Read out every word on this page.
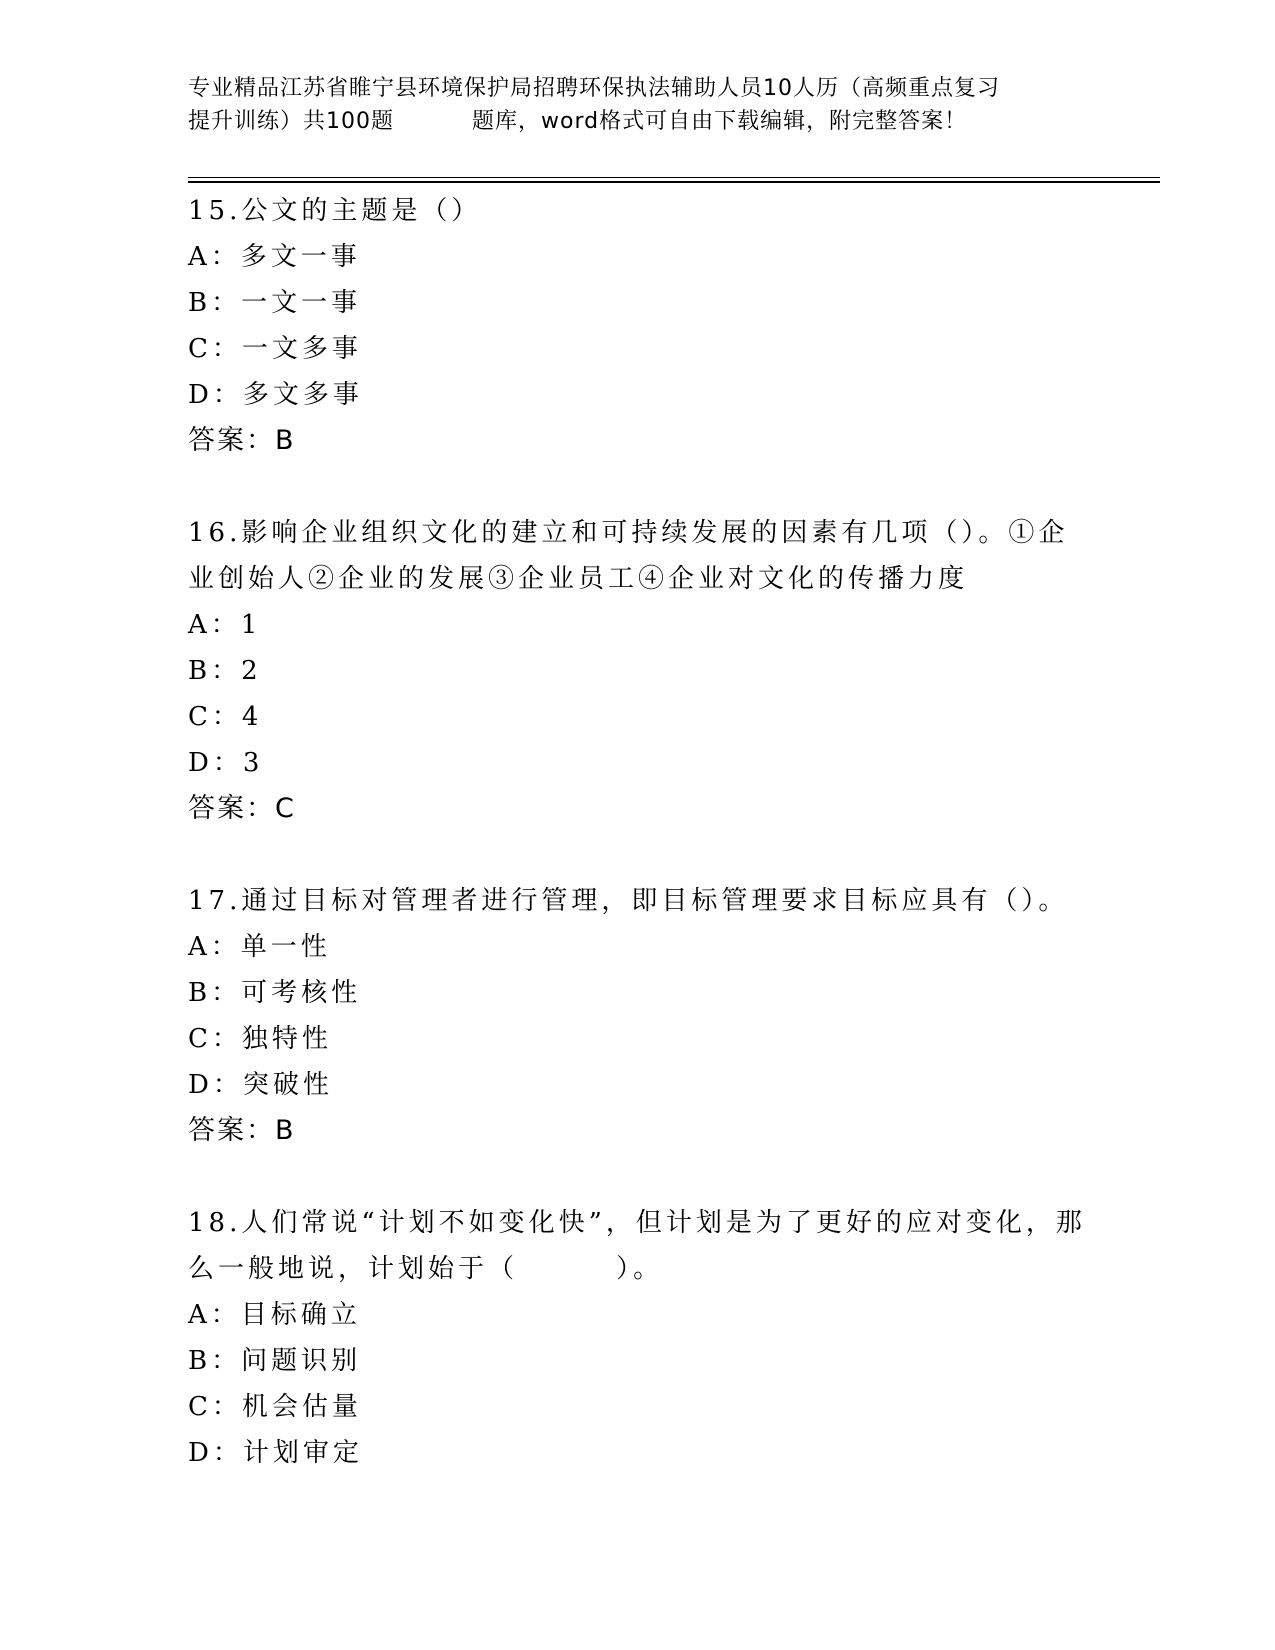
专业精品江苏省睢宁县环境保护局招聘环保执法辅助人员10人历（高频重点复习
提升训练）共100题	题库，word格式可自由下载编辑，附完整答案！
15.公文的主题是（）
A：多文一事
B：一文一事
C：一文多事
D：多文多事
答案：B
16.影响企业组织文化的建立和可持续发展的因素有几项（）。①企业创始人②企业的发展③企业员工④企业对文化的传播力度
A：1
B：2
C：4
D：3
答案：C
17.通过目标对管理者进行管理，即目标管理要求目标应具有（）。
A：单一性
B：可考核性
C：独特性
D：突破性
答案：B
18.人们常说“计划不如变化快”，但计划是为了更好的应对变化，那么一般地说，计划始于（        ）。
A：目标确立
B：问题识别
C：机会估量
D：计划审定
